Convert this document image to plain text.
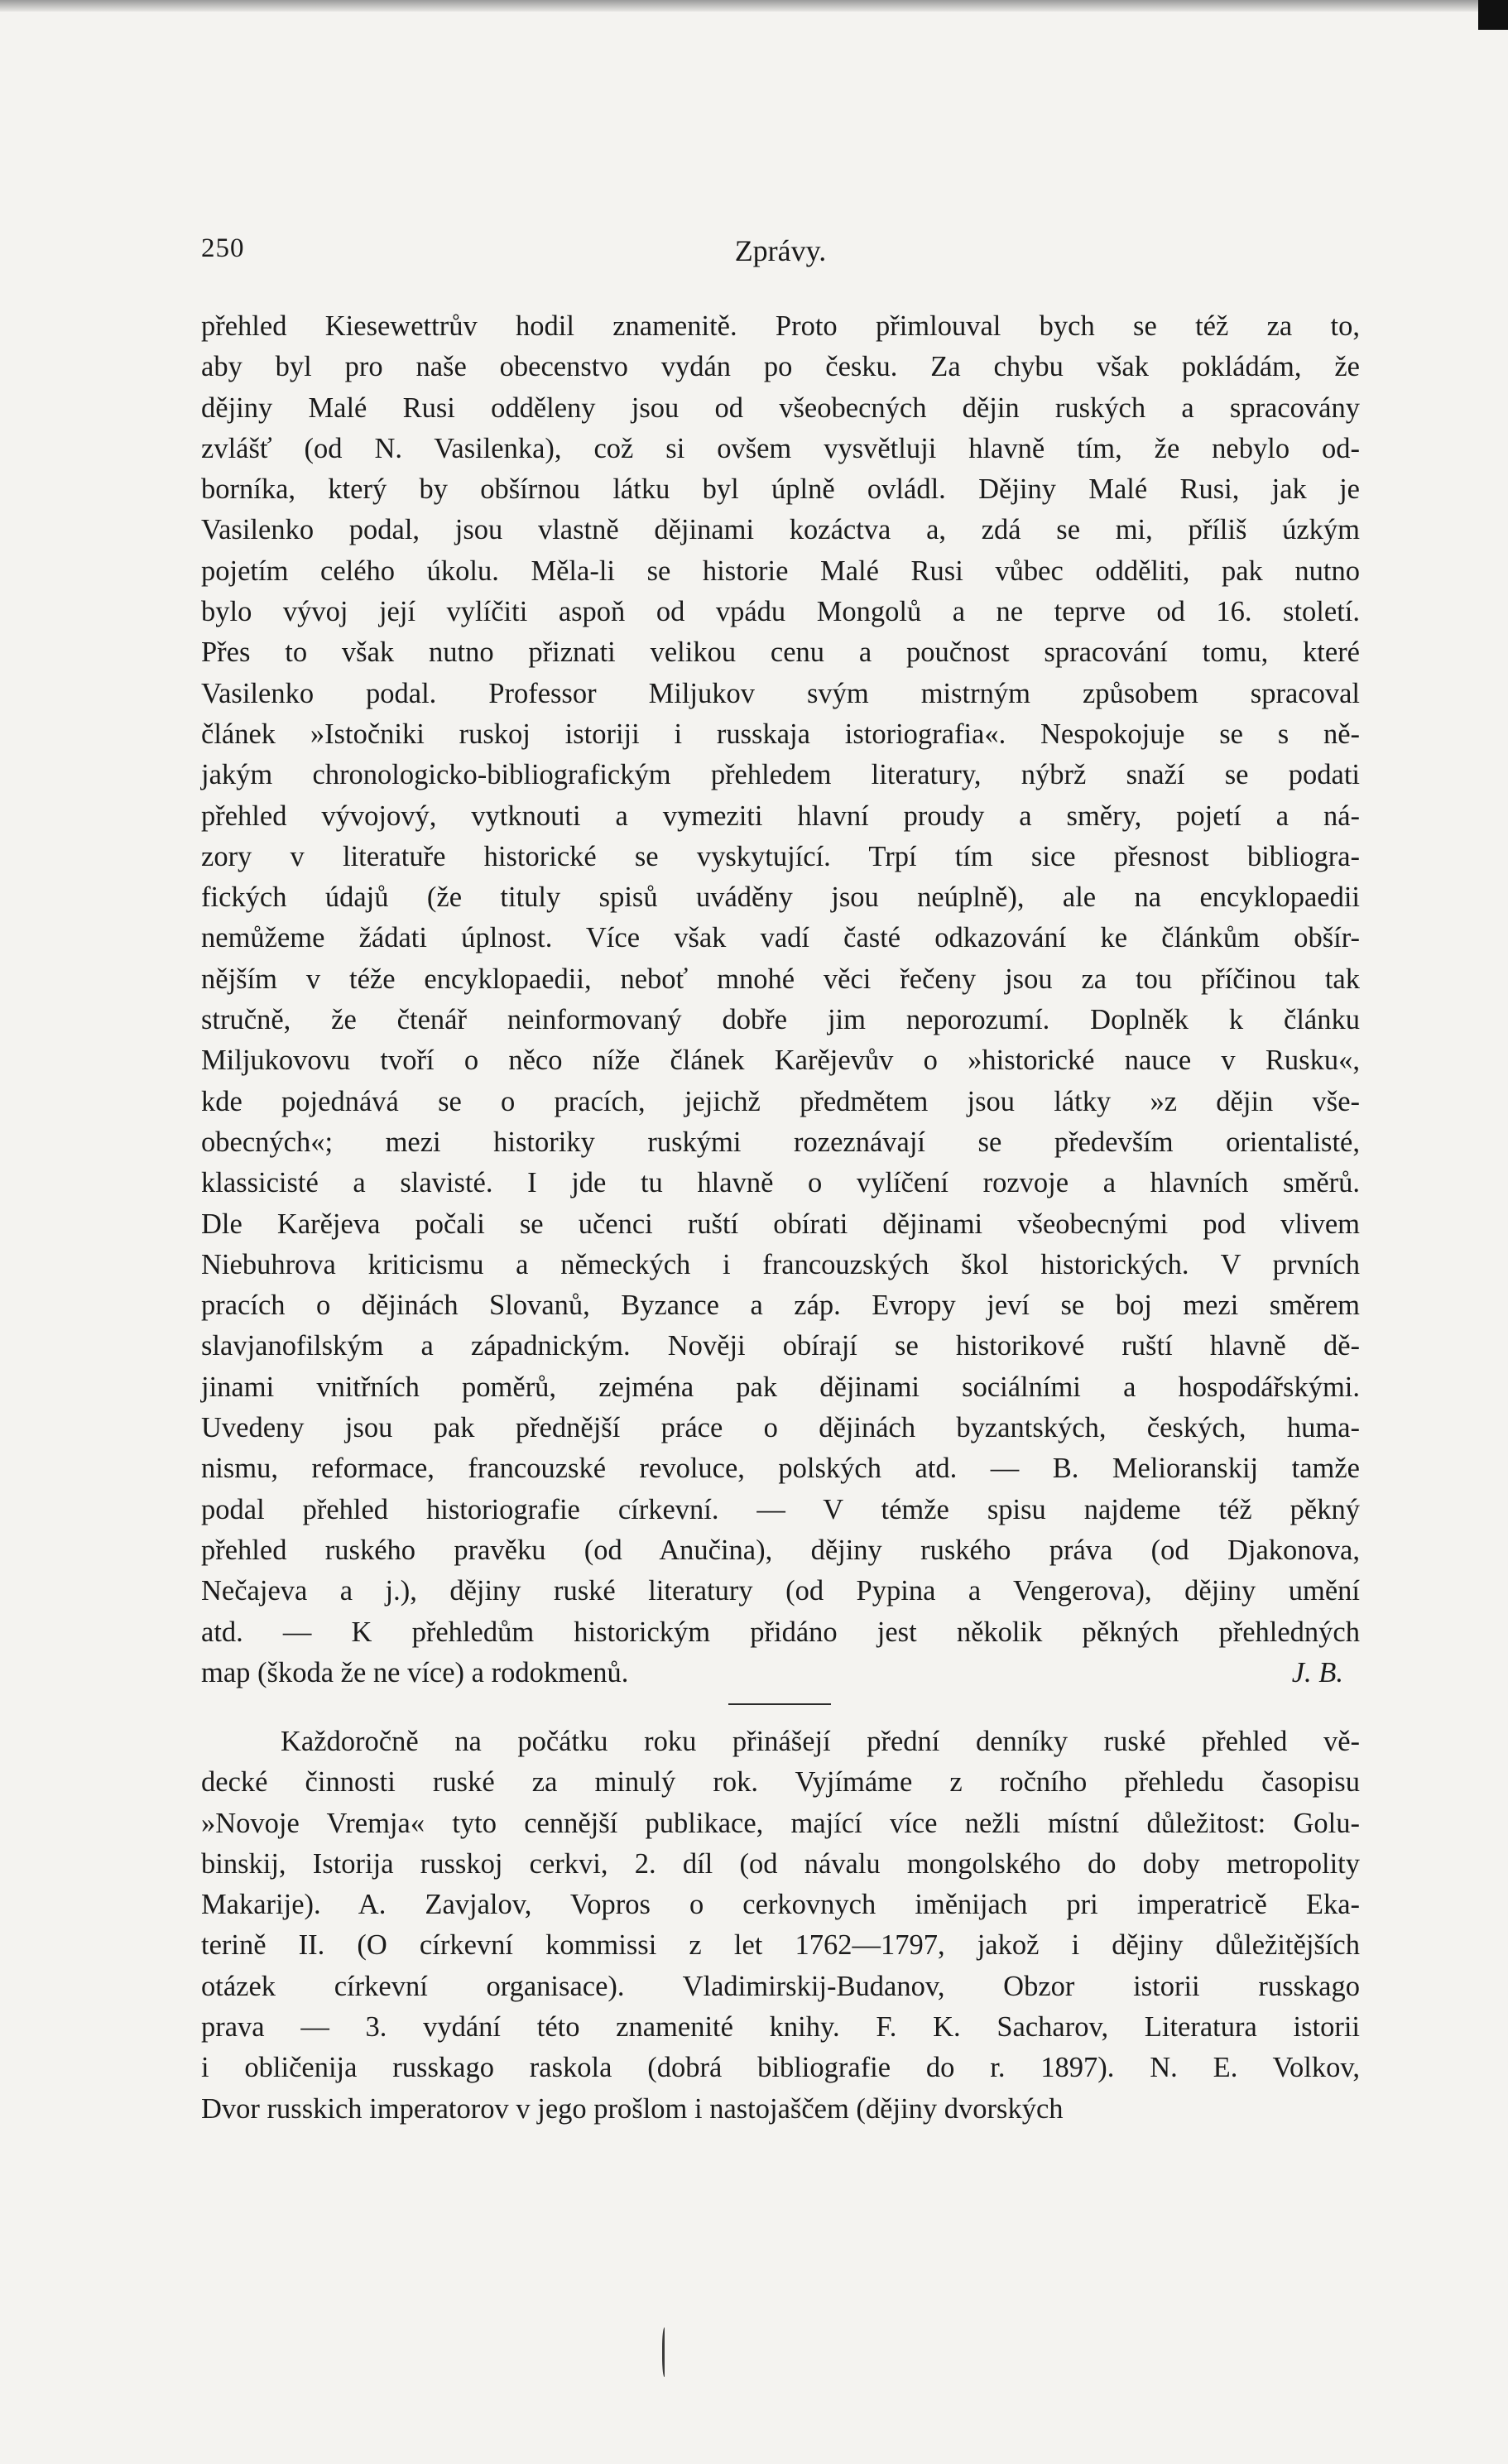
250	Zprávy.
přehled Kiesewettrův hodil znamenitě. Proto přimlouval bych se též za to,
aby byl pro naše obecenstvo vydán po česku. Za chybu však pokládám, že
dějiny Malé Rusi odděleny jsou od všeobecných dějin ruských a spracovány
zvlášť (od N. Vasilenka), což si ovšem vysvětluji hlavně tím, že nebylo od-
borníka, který by obšírnou látku byl úplně ovládl. Dějiny Malé Rusi, jak je
Vasilenko podal, jsou vlastně dějinami kozáctva a, zdá se mi, příliš úzkým
pojetím celého úkolu. Měla-li se historie Malé Rusi vůbec odděliti, pak nutno
bylo vývoj její vylíčiti aspoň od vpádu Mongolů a ne teprve od 16. století.
Přes to však nutno přiznati velikou cenu a poučnost spracování tomu, které
Vasilenko podal. Professor Miljukov svým mistrným způsobem spracoval
článek »Istočniki ruskoj istoriji i russkaja istoriografia«. Nespokojuje se s ně-
jakým chronologicko-bibliografickým přehledem literatury, nýbrž snaží se podati
přehled vývojový, vytknouti a vymeziti hlavní proudy a směry, pojetí a ná-
zory v literatuře historické se vyskytující. Trpí tím sice přesnost bibliogra-
fických údajů (že tituly spisů uváděny jsou neúplně), ale na encyklopaedii
nemůžeme žádati úplnost. Více však vadí časté odkazování ke článkům obšír-
nějším v téže encyklopaedii, neboť mnohé věci řečeny jsou za tou příčinou tak
stručně, že čtenář neinformovaný dobře jim neporozumí. Doplněk k článku
Miljukovovu tvoří o něco níže článek Karějevův o »historické nauce v Rusku«,
kde pojednává se o pracích, jejichž předmětem jsou látky »z dějin vše-
obecných«; mezi historiky ruskými rozeznávají se především orientalisté,
klassicisté a slavisté. I jde tu hlavně o vylíčení rozvoje a hlavních směrů.
Dle Karějeva počali se učenci ruští obírati dějinami všeobecnými pod vlivem
Niebuhrova kriticismu a německých i francouzských škol historických. V prvních
pracích o dějinách Slovanů, Byzance a záp. Evropy jeví se boj mezi směrem
slavjanofilským a západnickým. Nověji obírají se historikové ruští hlavně dě-
jinami vnitřních poměrů, zejména pak dějinami sociálními a hospodářskými.
Uvedeny jsou pak přednější práce o dějinách byzantských, českých, huma-
nismu, reformace, francouzské revoluce, polských atd. — B. Melioranskij tamže
podal přehled historiografie církevní. — V témže spisu najdeme též pěkný
přehled ruského pravěku (od Anučina), dějiny ruského práva (od Djakonova,
Nečajeva a j.), dějiny ruské literatury (od Pypina a Vengerova), dějiny umění
atd. — K přehledům historickým přidáno jest několik pěkných přehledných
map (škoda že ne více) a rodokmenů.	J. B.
Každoročně na počátku roku přinášejí přední denníky ruské přehled vě-
decké činnosti ruské za minulý rok. Vyjímáme z ročního přehledu časopisu
»Novoje Vremja« tyto cennější publikace, mající více nežli místní důležitost: Golu-
binskij, Istorija russkoj cerkvi, 2. díl (od návalu mongolského do doby metropolity
Makarije). A. Zavjalov, Vopros o cerkovnych iměnijach pri imperatricě Eka-
terině II. (O církevní kommissi z let 1762—1797, jakož i dějiny důležitějších
otázek církevní organisace). Vladimirskij-Budanov, Obzor istorii russkago
prava — 3. vydání této znamenité knihy. F. K. Sacharov, Literatura istorii
i obličenija russkago raskola (dobrá bibliografie do r. 1897). N. E. Volkov,
Dvor russkich imperatorov v jego prošlom i nastojaščem (dějiny dvorských
